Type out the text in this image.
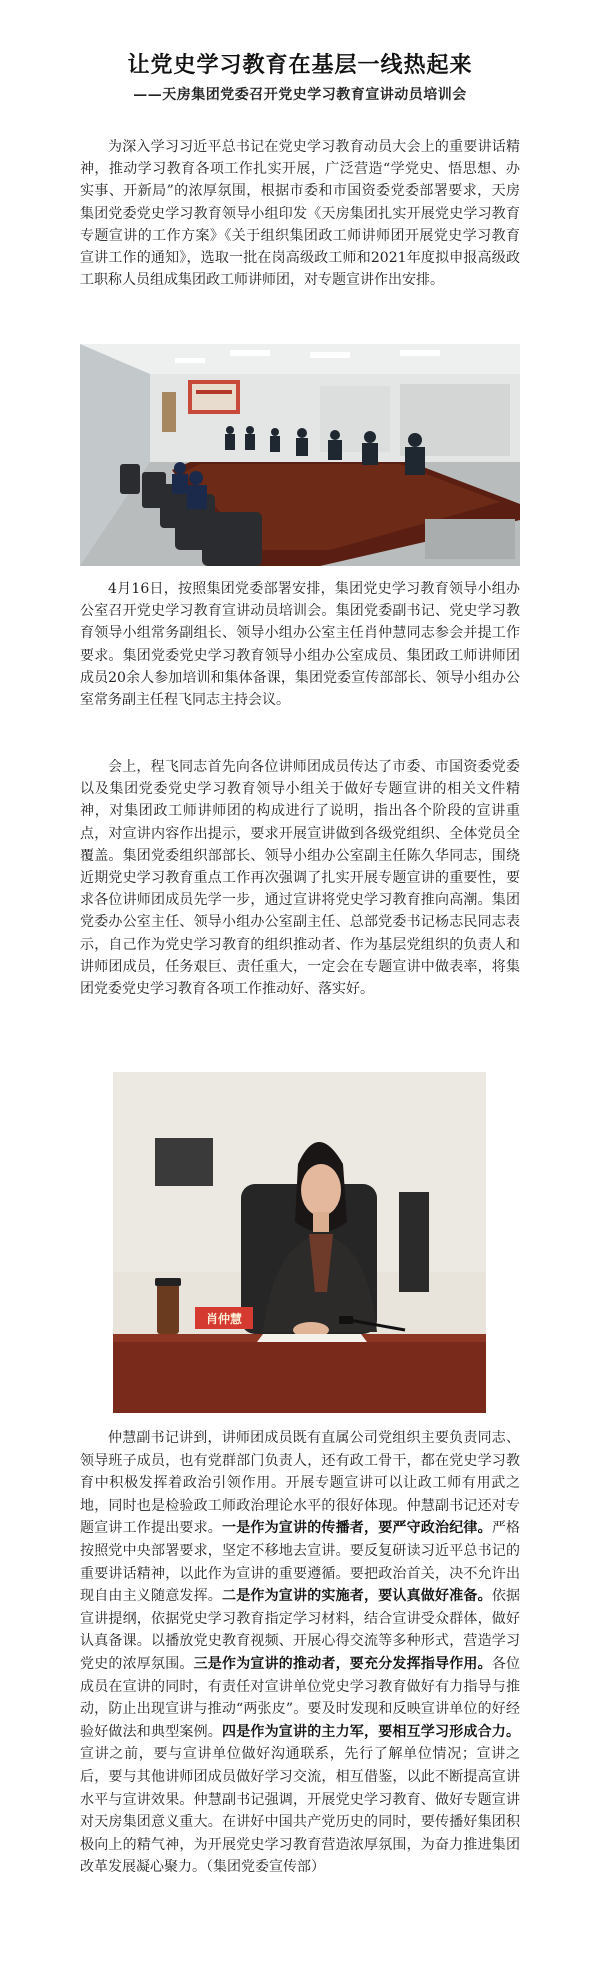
让党史学习教育在基层一线热起来
——天房集团党委召开党史学习教育宣讲动员培训会

为深入学习习近平总书记在党史学习教育动员大会上的重要讲话精神，推动学习教育各项工作扎实开展，广泛营造“学党史、悟思想、办实事、开新局”的浓厚氛围，根据市委和市国资委党委部署要求，天房集团党委党史学习教育领导小组印发《天房集团扎实开展党史学习教育专题宣讲的工作方案》《关于组织集团政工师讲师团开展党史学习教育宣讲工作的通知》，选取一批在岗高级政工师和2021年度拟申报高级政工职称人员组成集团政工师讲师团，对专题宣讲作出安排。

4月16日，按照集团党委部署安排，集团党史学习教育领导小组办公室召开党史学习教育宣讲动员培训会。集团党委副书记、党史学习教育领导小组常务副组长、领导小组办公室主任肖仲慧同志参会并提工作要求。集团党委党史学习教育领导小组办公室成员、集团政工师讲师团成员20余人参加培训和集体备课，集团党委宣传部部长、领导小组办公室常务副主任程飞同志主持会议。

会上，程飞同志首先向各位讲师团成员传达了市委、市国资委党委以及集团党委党史学习教育领导小组关于做好专题宣讲的相关文件精神，对集团政工师讲师团的构成进行了说明，指出各个阶段的宣讲重点，对宣讲内容作出提示，要求开展宣讲做到各级党组织、全体党员全覆盖。集团党委组织部部长、领导小组办公室副主任陈久华同志，围绕近期党史学习教育重点工作再次强调了扎实开展专题宣讲的重要性，要求各位讲师团成员先学一步，通过宣讲将党史学习教育推向高潮。集团党委办公室主任、领导小组办公室副主任、总部党委书记杨志民同志表示，自己作为党史学习教育的组织推动者、作为基层党组织的负责人和讲师团成员，任务艰巨、责任重大，一定会在专题宣讲中做表率，将集团党委党史学习教育各项工作推动好、落实好。

肖仲慧

仲慧副书记讲到，讲师团成员既有直属公司党组织主要负责同志、领导班子成员，也有党群部门负责人，还有政工骨干，都在党史学习教育中积极发挥着政治引领作用。开展专题宣讲可以让政工师有用武之地，同时也是检验政工师政治理论水平的很好体现。仲慧副书记还对专题宣讲工作提出要求。一是作为宣讲的传播者，要严守政治纪律。严格按照党中央部署要求，坚定不移地去宣讲。要反复研读习近平总书记的重要讲话精神，以此作为宣讲的重要遵循。要把政治首关，决不允许出现自由主义随意发挥。二是作为宣讲的实施者，要认真做好准备。依据宣讲提纲，依据党史学习教育指定学习材料，结合宣讲受众群体，做好认真备课。以播放党史教育视频、开展心得交流等多种形式，营造学习党史的浓厚氛围。三是作为宣讲的推动者，要充分发挥指导作用。各位成员在宣讲的同时，有责任对宣讲单位党史学习教育做好有力指导与推动，防止出现宣讲与推动“两张皮”。要及时发现和反映宣讲单位的好经验好做法和典型案例。四是作为宣讲的主力军，要相互学习形成合力。宣讲之前，要与宣讲单位做好沟通联系，先行了解单位情况；宣讲之后，要与其他讲师团成员做好学习交流，相互借鉴，以此不断提高宣讲水平与宣讲效果。仲慧副书记强调，开展党史学习教育、做好专题宣讲对天房集团意义重大。在讲好中国共产党历史的同时，要传播好集团积极向上的精气神，为开展党史学习教育营造浓厚氛围，为奋力推进集团改革发展凝心聚力。（集团党委宣传部）
